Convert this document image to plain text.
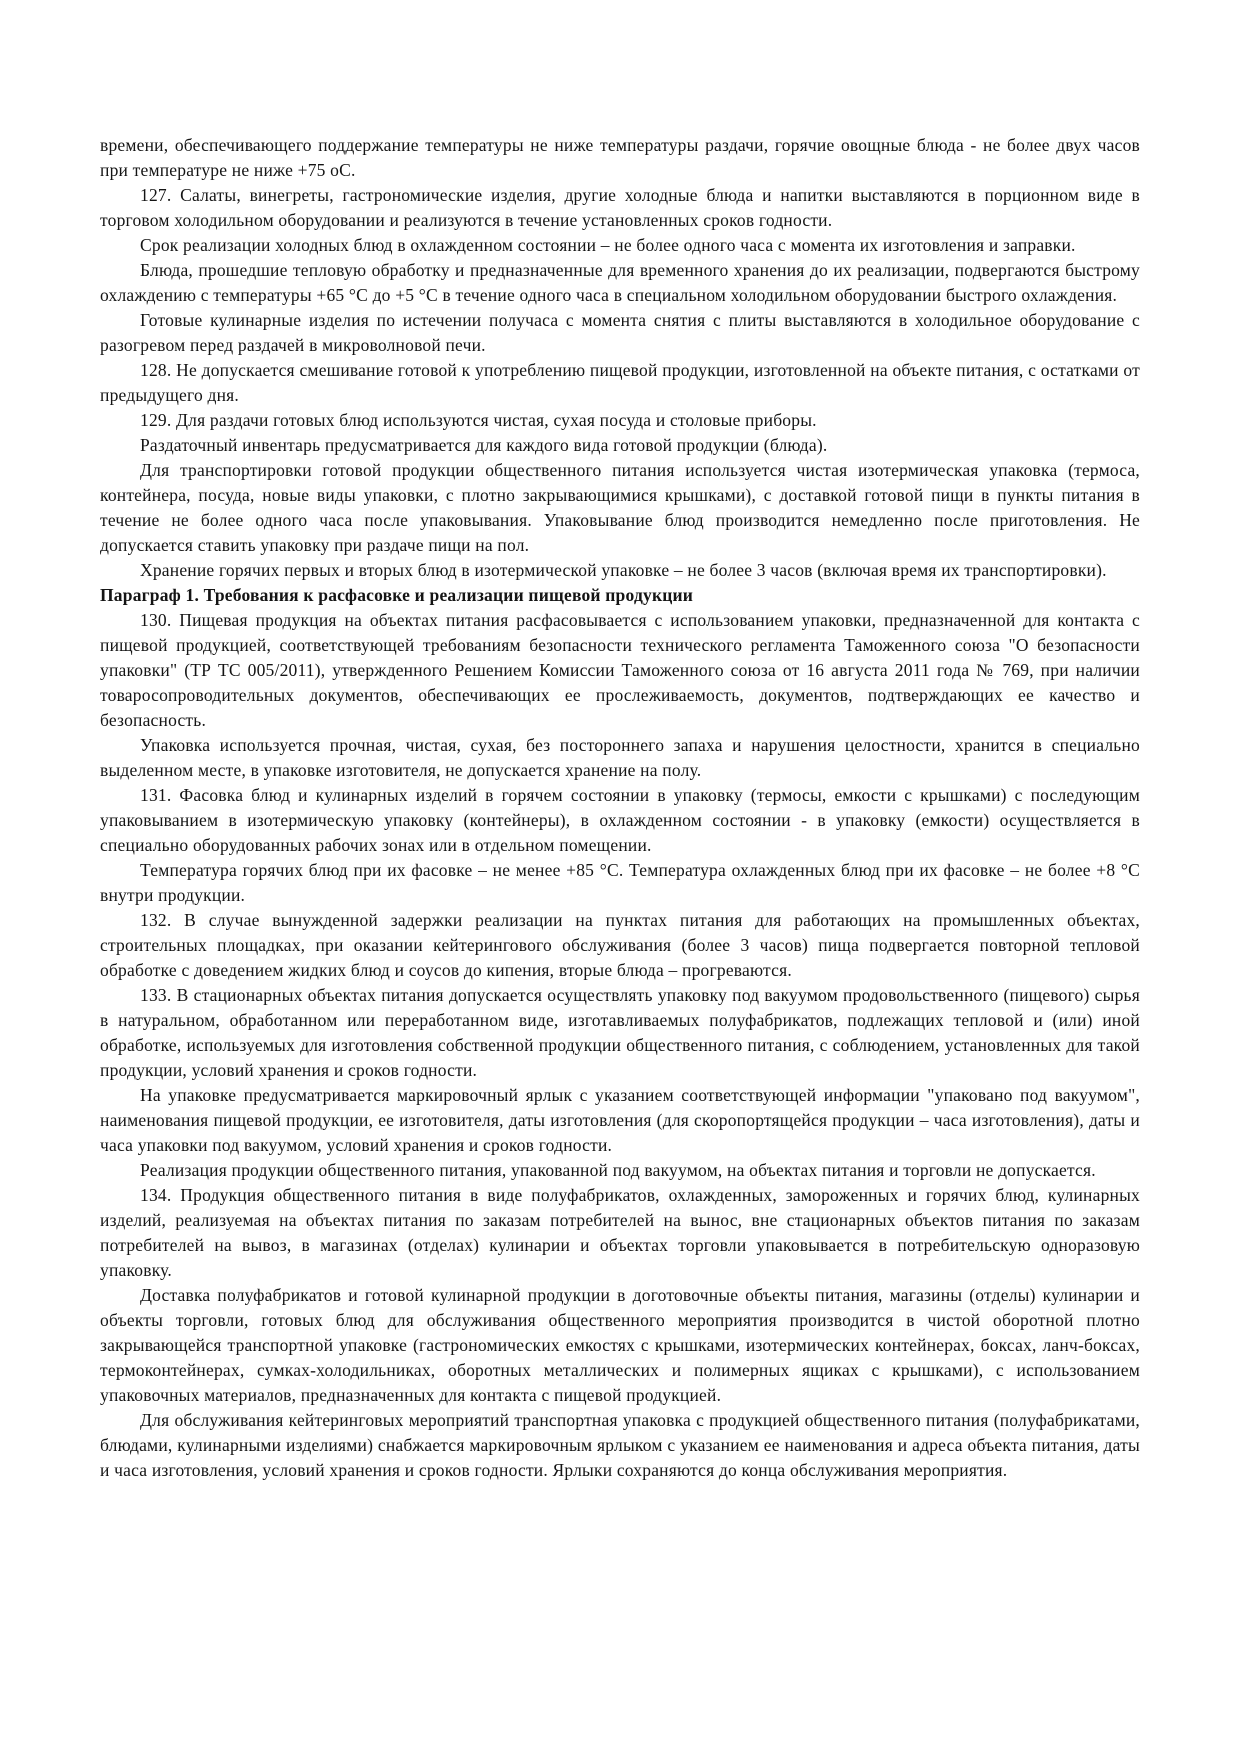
времени, обеспечивающего поддержание температуры не ниже температуры раздачи, горячие овощные блюда - не более двух часов при температуре не ниже +75 оС.

127. Салаты, винегреты, гастрономические изделия, другие холодные блюда и напитки выставляются в порционном виде в торговом холодильном оборудовании и реализуются в течение установленных сроков годности.

Срок реализации холодных блюд в охлажденном состоянии – не более одного часа с момента их изготовления и заправки.

Блюда, прошедшие тепловую обработку и предназначенные для временного хранения до их реализации, подвергаются быстрому охлаждению с температуры +65 °С до +5 °С в течение одного часа в специальном холодильном оборудовании быстрого охлаждения.

Готовые кулинарные изделия по истечении получаса с момента снятия с плиты выставляются в холодильное оборудование с разогревом перед раздачей в микроволновой печи.

128. Не допускается смешивание готовой к употреблению пищевой продукции, изготовленной на объекте питания, с остатками от предыдущего дня.

129. Для раздачи готовых блюд используются чистая, сухая посуда и столовые приборы.

Раздаточный инвентарь предусматривается для каждого вида готовой продукции (блюда).

Для транспортировки готовой продукции общественного питания используется чистая изотермическая упаковка (термоса, контейнера, посуда, новые виды упаковки, с плотно закрывающимися крышками), с доставкой готовой пищи в пункты питания в течение не более одного часа после упаковывания. Упаковывание блюд производится немедленно после приготовления. Не допускается ставить упаковку при раздаче пищи на пол.

Хранение горячих первых и вторых блюд в изотермической упаковке – не более 3 часов (включая время их транспортировки).

Параграф 1. Требования к расфасовке и реализации пищевой продукции

130. Пищевая продукция на объектах питания расфасовывается с использованием упаковки, предназначенной для контакта с пищевой продукцией, соответствующей требованиям безопасности технического регламента Таможенного союза "О безопасности упаковки" (ТР ТС 005/2011), утвержденного Решением Комиссии Таможенного союза от 16 августа 2011 года № 769, при наличии товаросопроводительных документов, обеспечивающих ее прослеживаемость, документов, подтверждающих ее качество и безопасность.

Упаковка используется прочная, чистая, сухая, без постороннего запаха и нарушения целостности, хранится в специально выделенном месте, в упаковке изготовителя, не допускается хранение на полу.

131. Фасовка блюд и кулинарных изделий в горячем состоянии в упаковку (термосы, емкости с крышками) с последующим упаковыванием в изотермическую упаковку (контейнеры), в охлажденном состоянии - в упаковку (емкости) осуществляется в специально оборудованных рабочих зонах или в отдельном помещении.

Температура горячих блюд при их фасовке – не менее +85 °С. Температура охлажденных блюд при их фасовке – не более +8 °С внутри продукции.

132. В случае вынужденной задержки реализации на пунктах питания для работающих на промышленных объектах, строительных площадках, при оказании кейтерингового обслуживания (более 3 часов) пища подвергается повторной тепловой обработке с доведением жидких блюд и соусов до кипения, вторые блюда – прогреваются.

133. В стационарных объектах питания допускается осуществлять упаковку под вакуумом продовольственного (пищевого) сырья в натуральном, обработанном или переработанном виде, изготавливаемых полуфабрикатов, подлежащих тепловой и (или) иной обработке, используемых для изготовления собственной продукции общественного питания, с соблюдением, установленных для такой продукции, условий хранения и сроков годности.

На упаковке предусматривается маркировочный ярлык с указанием соответствующей информации "упаковано под вакуумом", наименования пищевой продукции, ее изготовителя, даты изготовления (для скоропортящейся продукции – часа изготовления), даты и часа упаковки под вакуумом, условий хранения и сроков годности.

Реализация продукции общественного питания, упакованной под вакуумом, на объектах питания и торговли не допускается.

134. Продукция общественного питания в виде полуфабрикатов, охлажденных, замороженных и горячих блюд, кулинарных изделий, реализуемая на объектах питания по заказам потребителей на вынос, вне стационарных объектов питания по заказам потребителей на вывоз, в магазинах (отделах) кулинарии и объектах торговли упаковывается в потребительскую одноразовую упаковку.

Доставка полуфабрикатов и готовой кулинарной продукции в доготовочные объекты питания, магазины (отделы) кулинарии и объекты торговли, готовых блюд для обслуживания общественного мероприятия производится в чистой оборотной плотно закрывающейся транспортной упаковке (гастрономических емкостях с крышками, изотермических контейнерах, боксах, ланч-боксах, термоконтейнерах, сумках-холодильниках, оборотных металлических и полимерных ящиках с крышками), с использованием упаковочных материалов, предназначенных для контакта с пищевой продукцией.

Для обслуживания кейтеринговых мероприятий транспортная упаковка с продукцией общественного питания (полуфабрикатами, блюдами, кулинарными изделиями) снабжается маркировочным ярлыком с указанием ее наименования и адреса объекта питания, даты и часа изготовления, условий хранения и сроков годности. Ярлыки сохраняются до конца обслуживания мероприятия.
